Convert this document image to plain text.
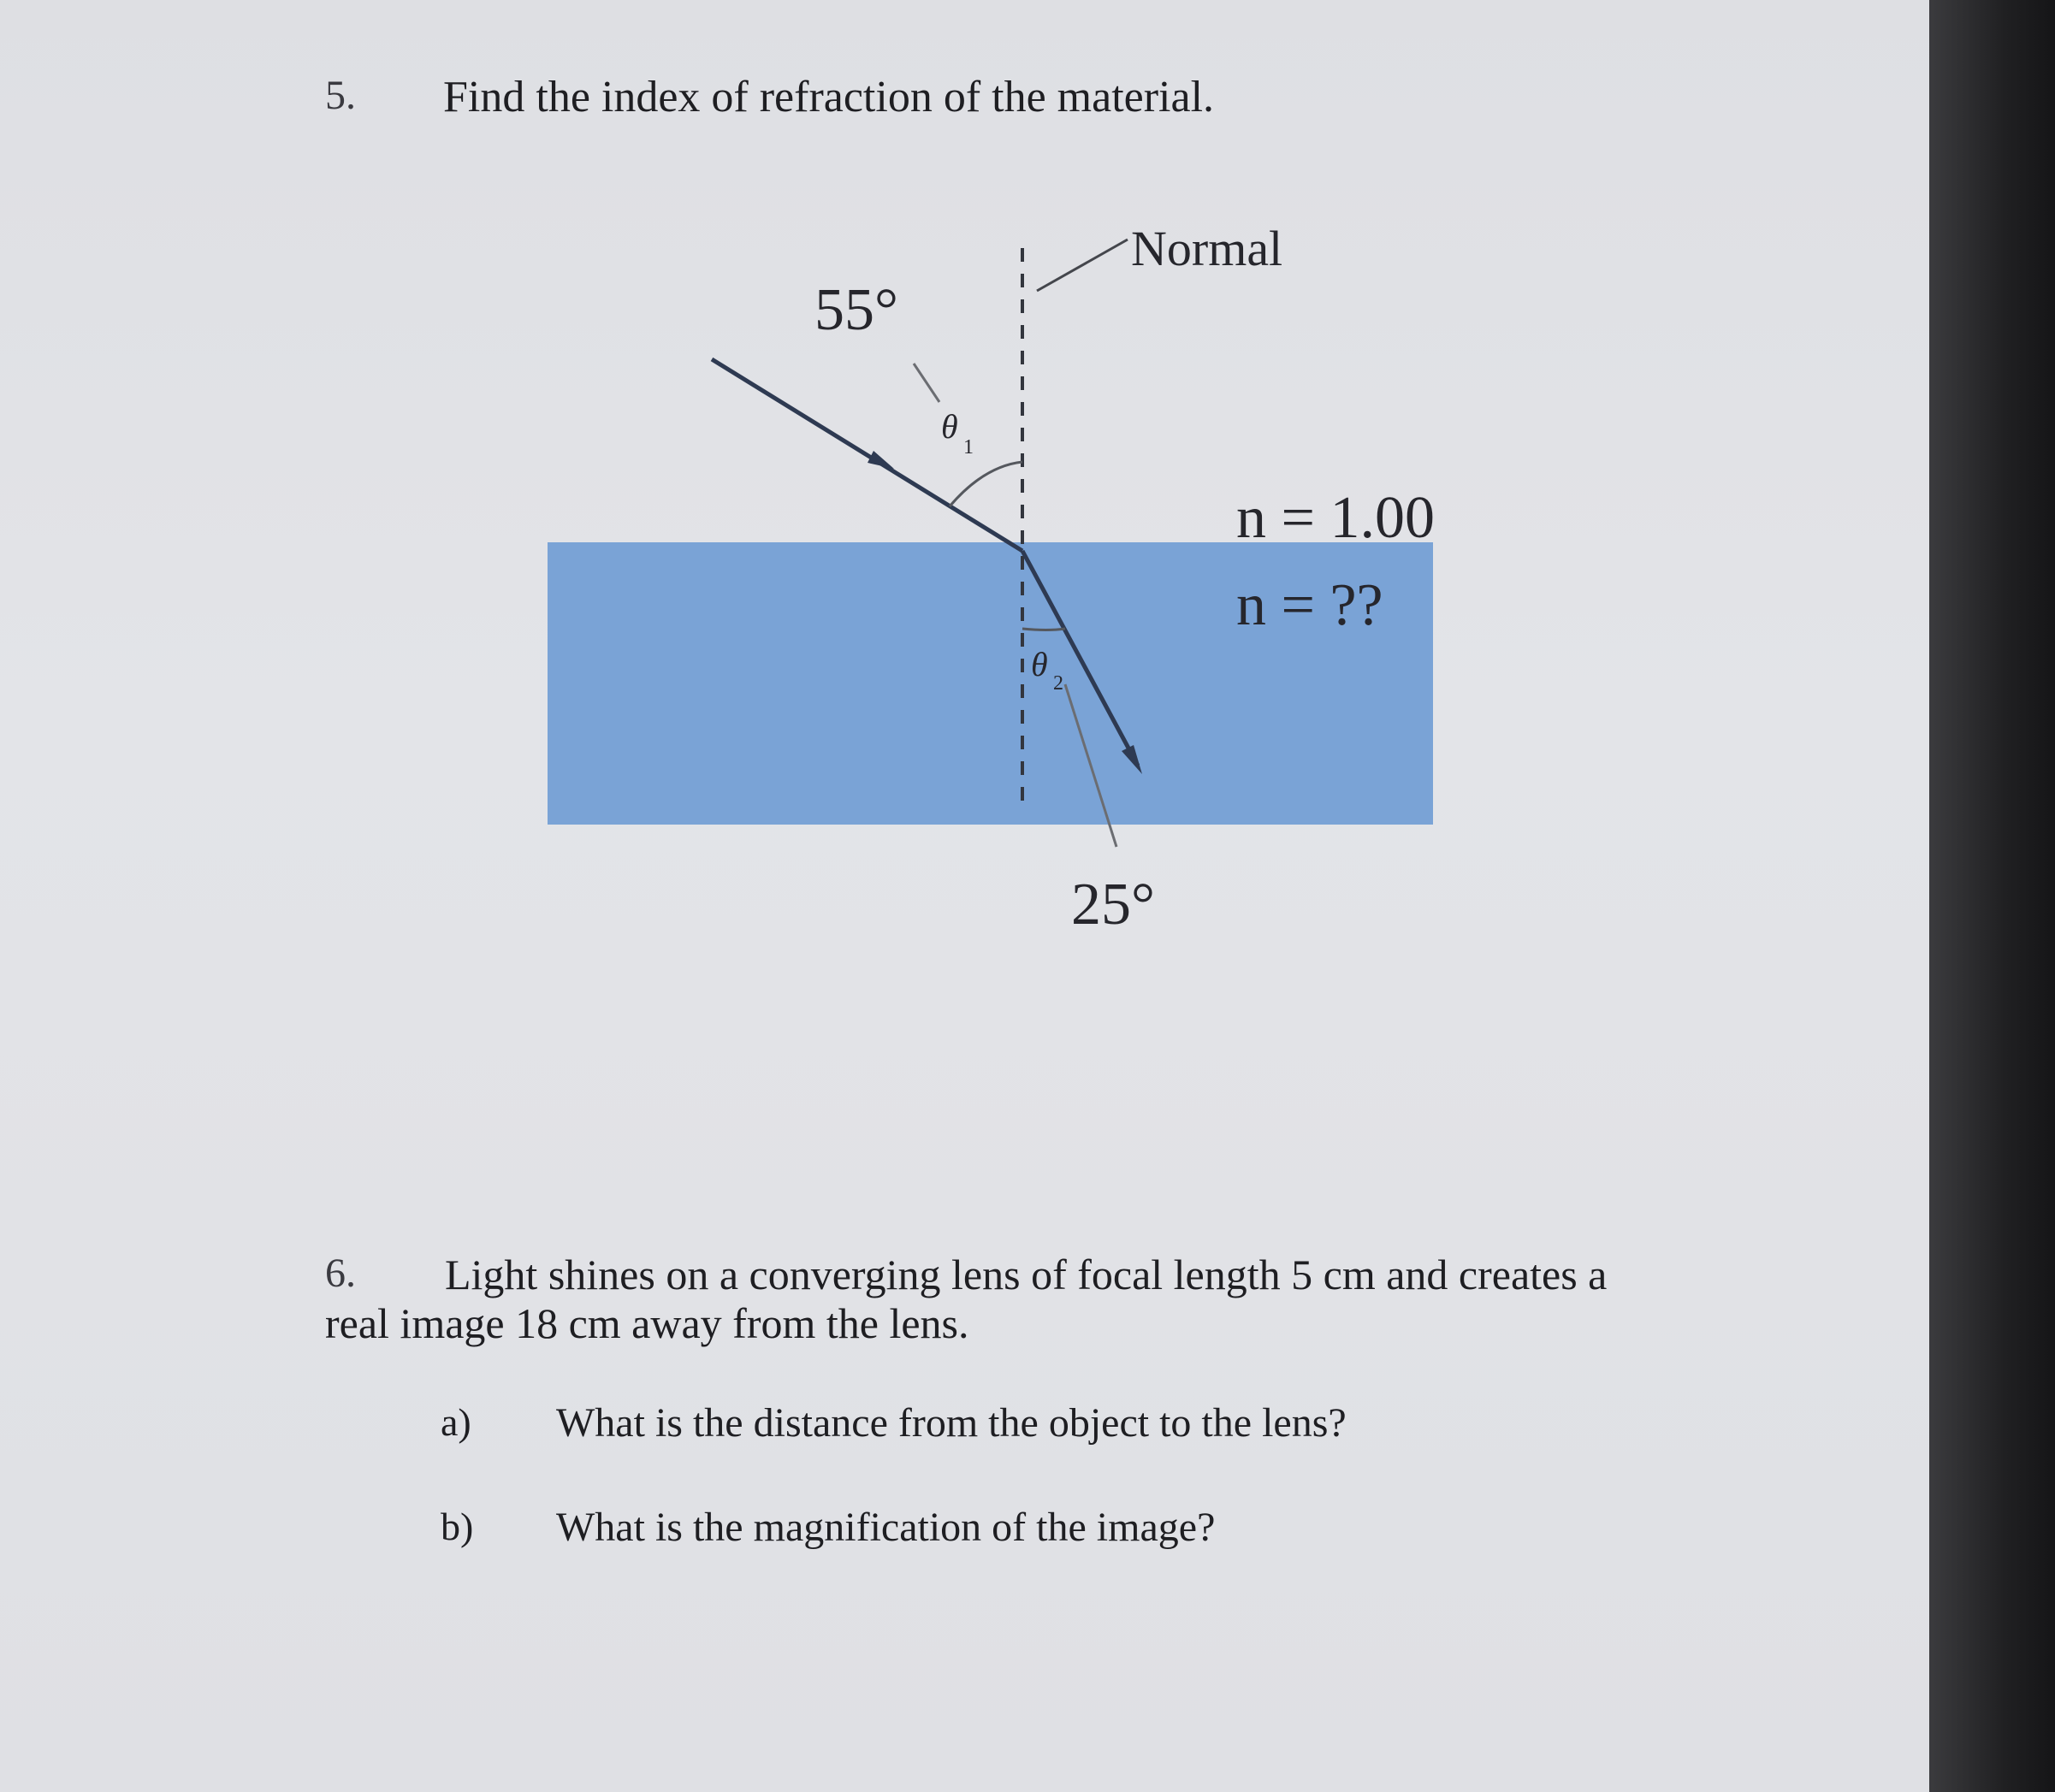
5. Find the index of refraction of the material.

Normal
55°
25°
θ
1
θ 2
n = 1.00
n = ??

6. Light shines on a converging lens of focal length 5 cm and creates a

real image 18 cm away from the lens.

a) What is the distance from the object to the lens?

b) What is the magnification of the image?
